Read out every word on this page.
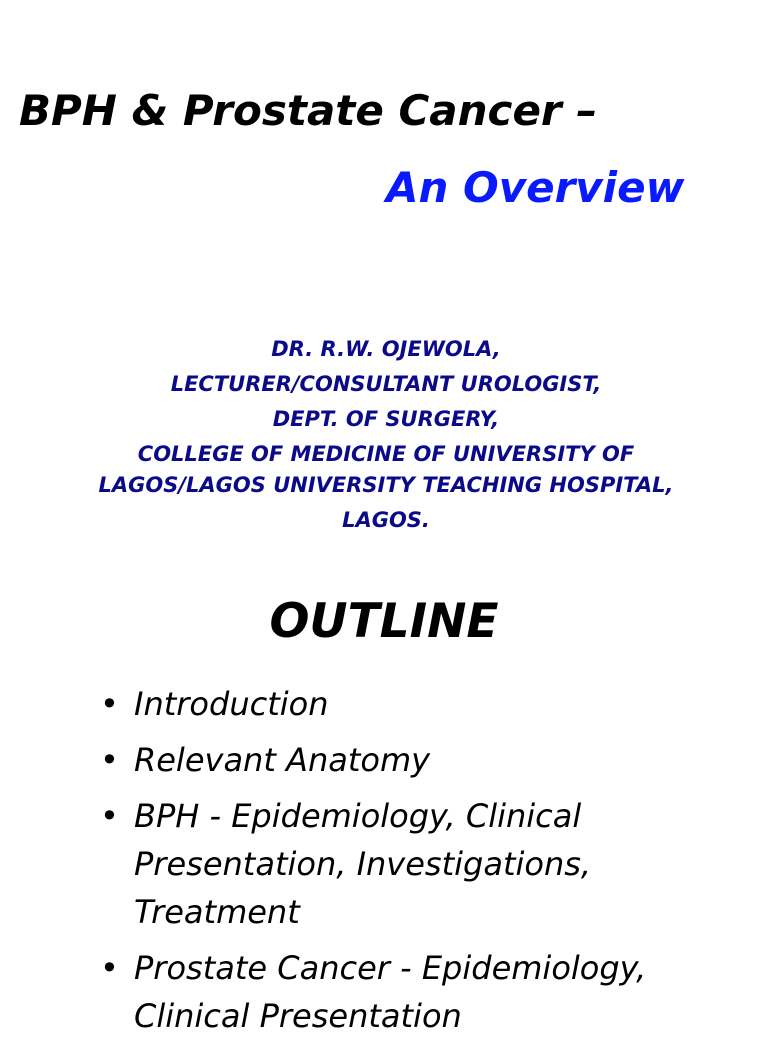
BPH & Prostate Cancer –
An Overview
DR. R.W. OJEWOLA,
LECTURER/CONSULTANT UROLOGIST,
DEPT. OF SURGERY,
COLLEGE OF MEDICINE OF UNIVERSITY OF LAGOS/LAGOS UNIVERSITY TEACHING HOSPITAL,
LAGOS.
OUTLINE
• Introduction
• Relevant Anatomy
• BPH - Epidemiology, Clinical Presentation, Investigations, Treatment
• Prostate Cancer - Epidemiology, Clinical Presentation
